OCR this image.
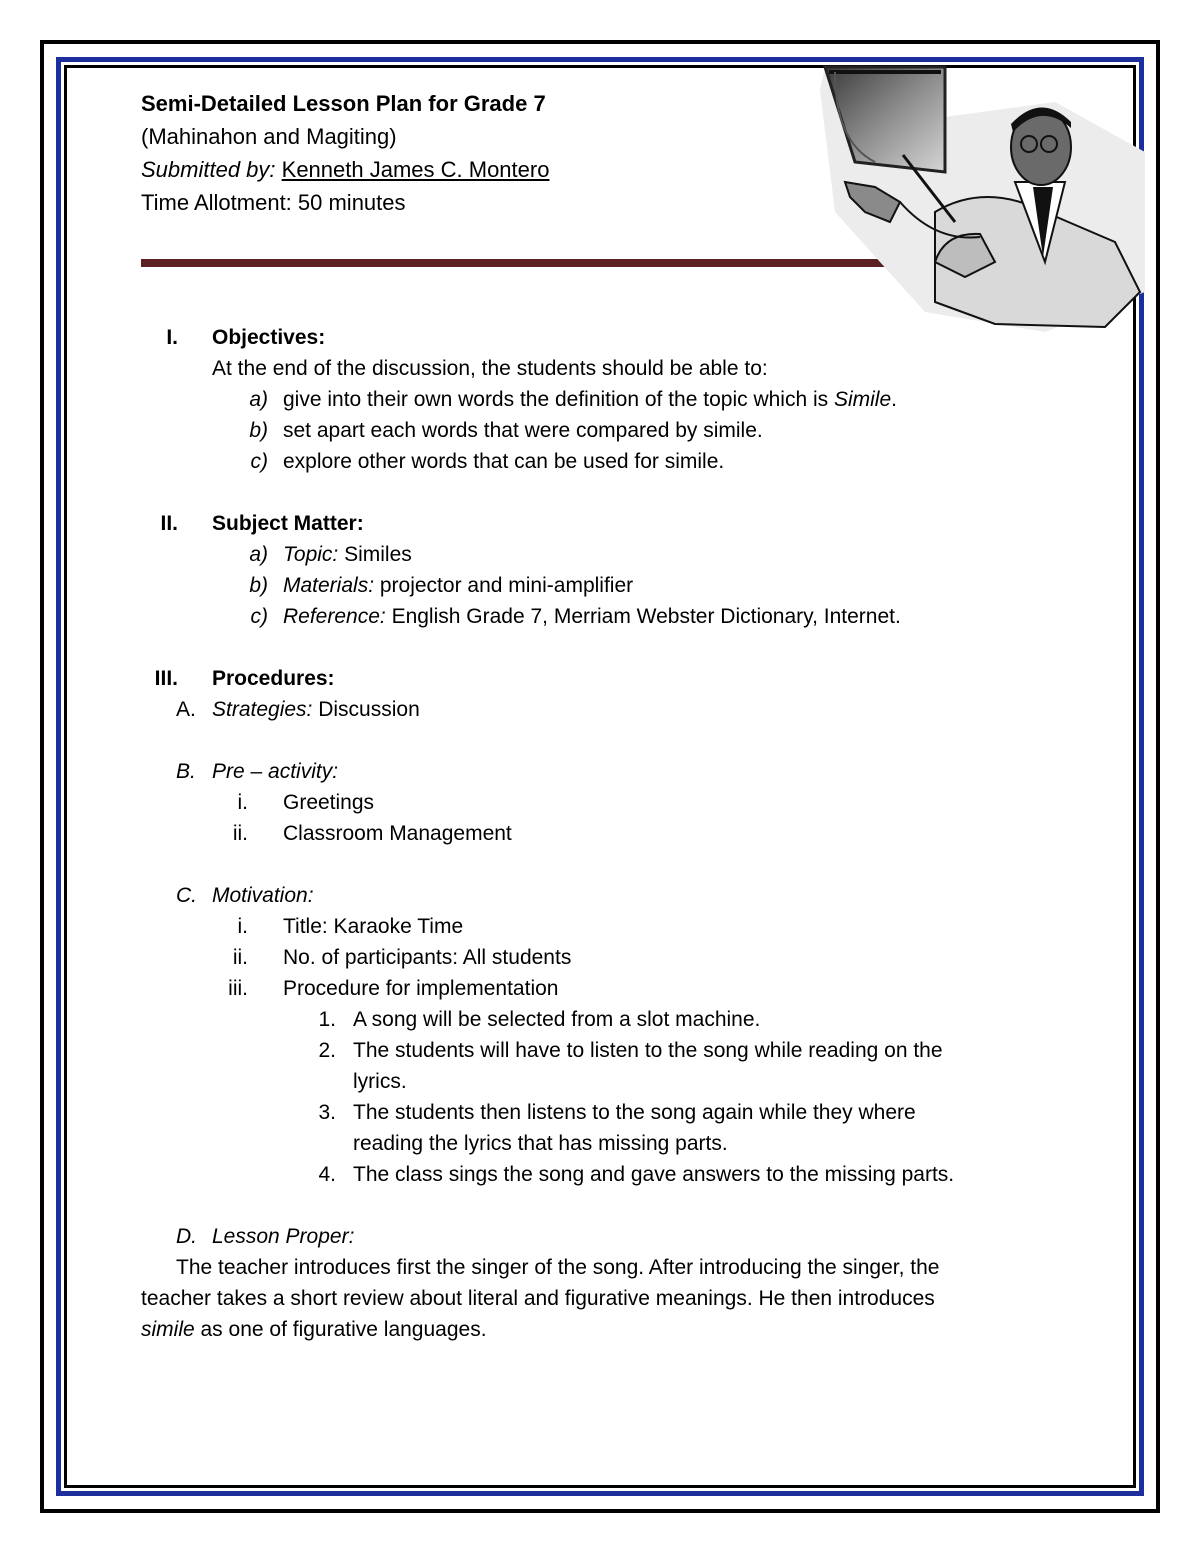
Semi-Detailed Lesson Plan for Grade 7
(Mahinahon and Magiting)
Submitted by: Kenneth James C. Montero
Time Allotment: 50 minutes
I. Objectives:
At the end of the discussion, the students should be able to:
a) give into their own words the definition of the topic which is Simile.
b) set apart each words that were compared by simile.
c) explore other words that can be used for simile.
II. Subject Matter:
a) Topic: Similes
b) Materials: projector and mini-amplifier
c) Reference: English Grade 7, Merriam Webster Dictionary, Internet.
III. Procedures:
A. Strategies: Discussion
B. Pre – activity:
i. Greetings
ii. Classroom Management
C. Motivation:
i. Title: Karaoke Time
ii. No. of participants: All students
iii. Procedure for implementation
1. A song will be selected from a slot machine.
2. The students will have to listen to the song while reading on the
lyrics.
3. The students then listens to the song again while they where
reading the lyrics that has missing parts.
4. The class sings the song and gave answers to the missing parts.
D. Lesson Proper:
The teacher introduces first the singer of the song. After introducing the singer, the
teacher takes a short review about literal and figurative meanings. He then introduces
simile as one of figurative languages.
